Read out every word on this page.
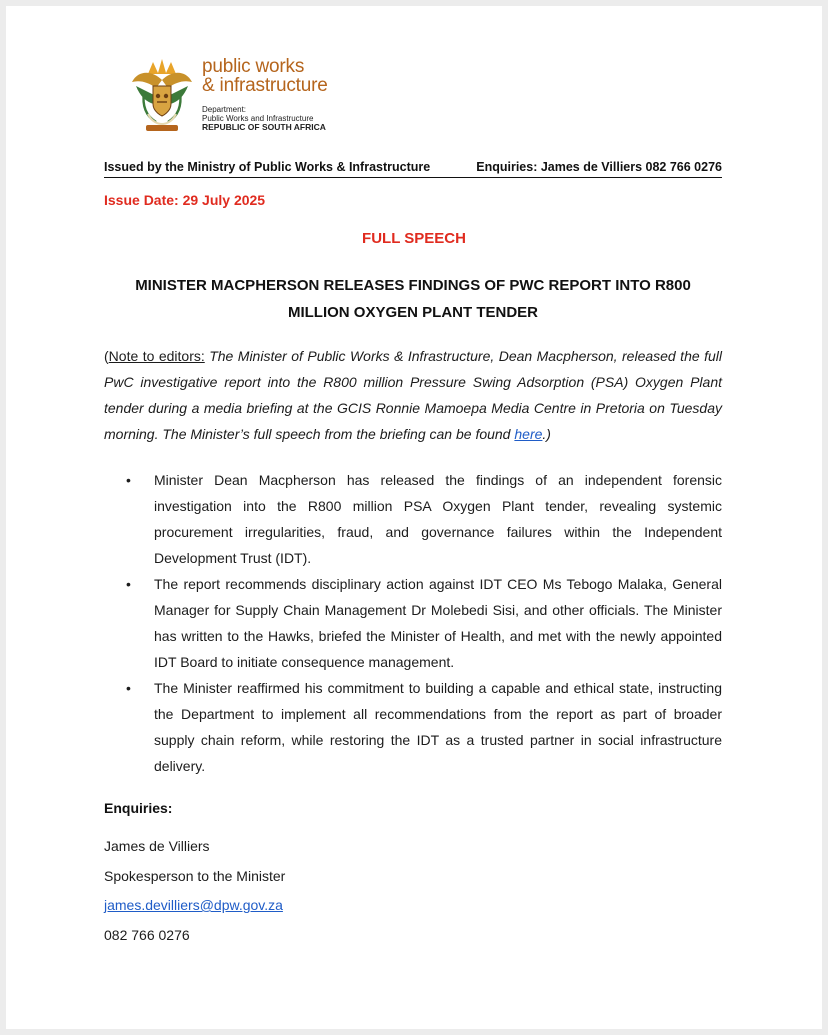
public works
& infrastructure
Department:
Public Works and Infrastructure
REPUBLIC OF SOUTH AFRICA
Issued by the Ministry of Public Works & Infrastructure	Enquiries: James de Villiers 082 766 0276
Issue Date: 29 July 2025
FULL SPEECH
MINISTER MACPHERSON RELEASES FINDINGS OF PWC REPORT INTO R800
MILLION OXYGEN PLANT TENDER
(Note to editors: The Minister of Public Works & Infrastructure, Dean Macpherson, released the full PwC investigative report into the R800 million Pressure Swing Adsorption (PSA) Oxygen Plant tender during a media briefing at the GCIS Ronnie Mamoepa Media Centre in Pretoria on Tuesday morning. The Minister’s full speech from the briefing can be found here.)
• Minister Dean Macpherson has released the findings of an independent forensic investigation into the R800 million PSA Oxygen Plant tender, revealing systemic procurement irregularities, fraud, and governance failures within the Independent Development Trust (IDT).
• The report recommends disciplinary action against IDT CEO Ms Tebogo Malaka, General Manager for Supply Chain Management Dr Molebedi Sisi, and other officials. The Minister has written to the Hawks, briefed the Minister of Health, and met with the newly appointed IDT Board to initiate consequence management.
• The Minister reaffirmed his commitment to building a capable and ethical state, instructing the Department to implement all recommendations from the report as part of broader supply chain reform, while restoring the IDT as a trusted partner in social infrastructure delivery.
Enquiries:
James de Villiers
Spokesperson to the Minister
james.devilliers@dpw.gov.za
082 766 0276
